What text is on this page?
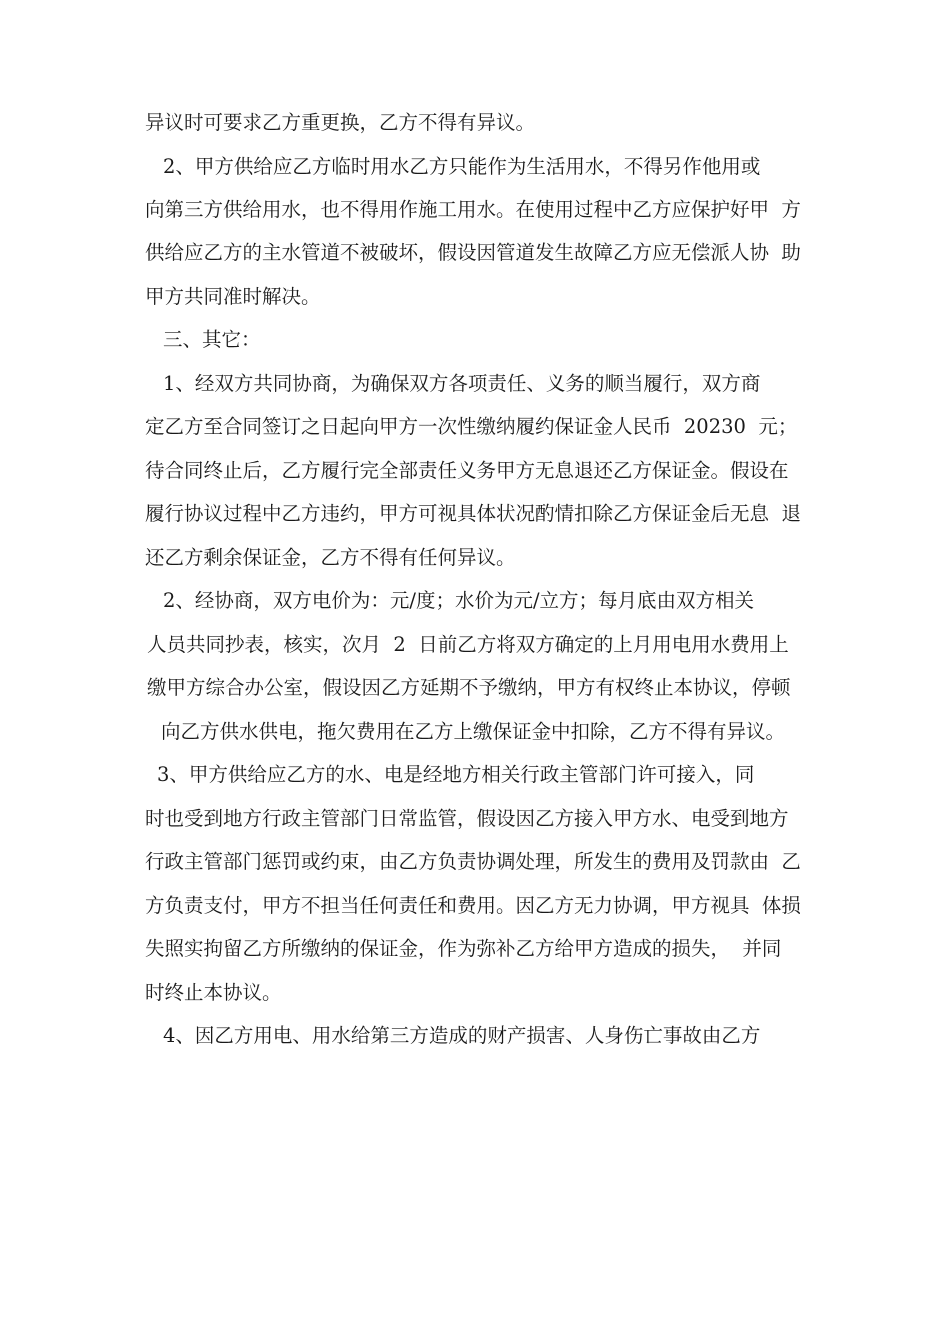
异议时可要求乙方重更换，乙方不得有异议。
2、甲方供给应乙方临时用水乙方只能作为生活用水，不得另作他用或
向第三方供给用水，也不得用作施工用水。在使用过程中乙方应保护好甲  方
供给应乙方的主水管道不被破坏，假设因管道发生故障乙方应无偿派人协  助
甲方共同准时解决。
三、其它：
1、经双方共同协商，为确保双方各项责任、义务的顺当履行，双方商
定乙方至合同签订之日起向甲方一次性缴纳履约保证金人民币  20230  元；
待合同终止后，乙方履行完全部责任义务甲方无息退还乙方保证金。假设在
履行协议过程中乙方违约，甲方可视具体状况酌情扣除乙方保证金后无息  退
还乙方剩余保证金，乙方不得有任何异议。
2、经协商，双方电价为：元/度；水价为元/立方；每月底由双方相关
人员共同抄表，核实，次月  2  日前乙方将双方确定的上月用电用水费用上
缴甲方综合办公室，假设因乙方延期不予缴纳，甲方有权终止本协议，停顿
向乙方供水供电，拖欠费用在乙方上缴保证金中扣除，乙方不得有异议。
3、甲方供给应乙方的水、电是经地方相关行政主管部门许可接入，同
时也受到地方行政主管部门日常监管，假设因乙方接入甲方水、电受到地方
行政主管部门惩罚或约束，由乙方负责协调处理，所发生的费用及罚款由  乙
方负责支付，甲方不担当任何责任和费用。因乙方无力协调，甲方视具  体损
失照实拘留乙方所缴纳的保证金，作为弥补乙方给甲方造成的损失，  并同
时终止本协议。
4、因乙方用电、用水给第三方造成的财产损害、人身伤亡事故由乙方
